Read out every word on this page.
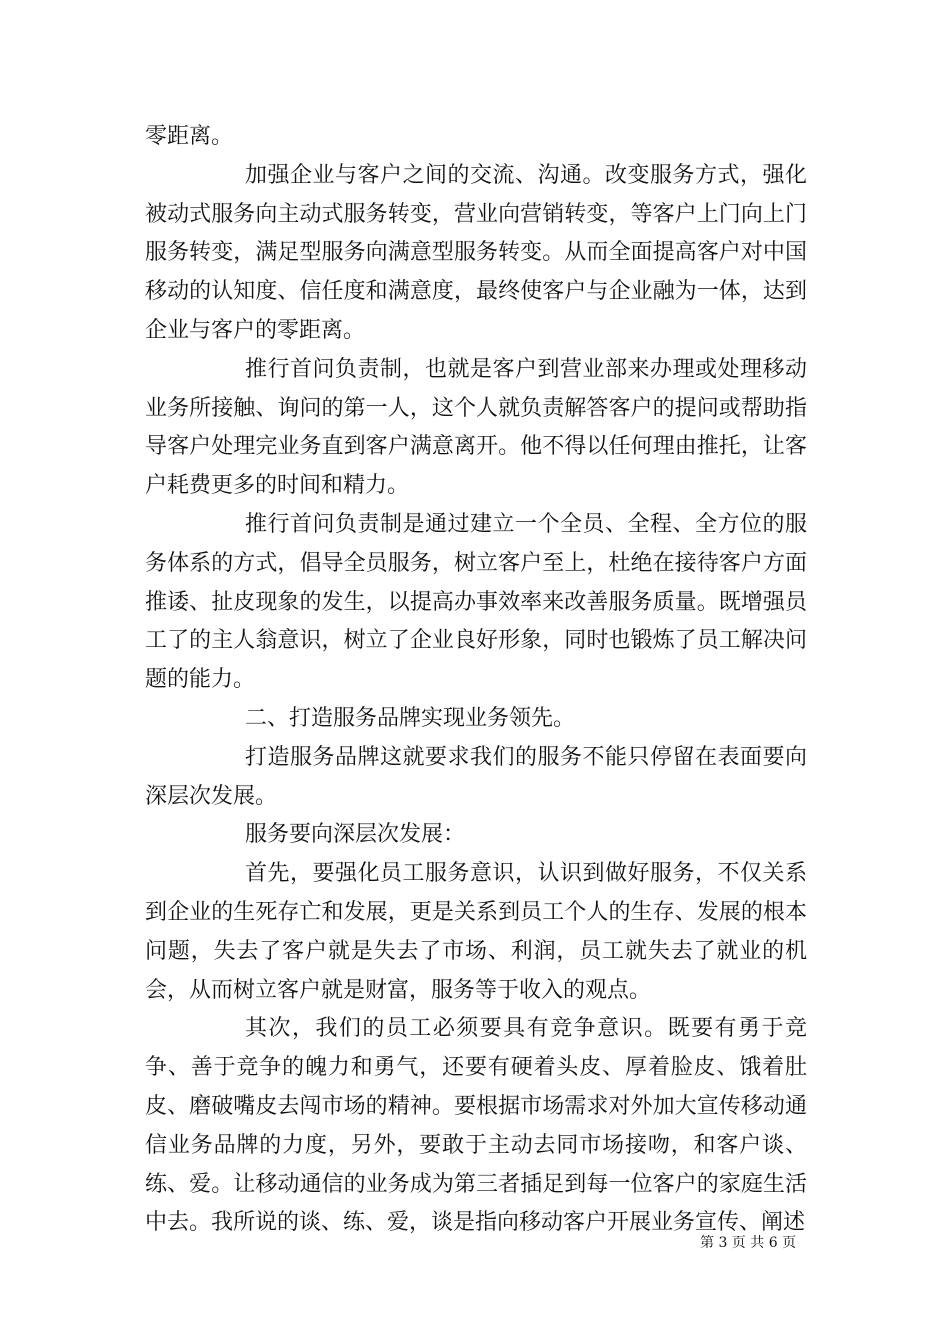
零距离。

加强企业与客户之间的交流、沟通。改变服务方式，强化被动式服务向主动式服务转变，营业向营销转变，等客户上门向上门服务转变，满足型服务向满意型服务转变。从而全面提高客户对中国移动的认知度、信任度和满意度，最终使客户与企业融为一体，达到企业与客户的零距离。

推行首问负责制，也就是客户到营业部来办理或处理移动业务所接触、询问的第一人，这个人就负责解答客户的提问或帮助指导客户处理完业务直到客户满意离开。他不得以任何理由推托，让客户耗费更多的时间和精力。

推行首问负责制是通过建立一个全员、全程、全方位的服务体系的方式，倡导全员服务，树立客户至上，杜绝在接待客户方面推诿、扯皮现象的发生，以提高办事效率来改善服务质量。既增强员工了的主人翁意识，树立了企业良好形象，同时也锻炼了员工解决问题的能力。

二、打造服务品牌实现业务领先。

打造服务品牌这就要求我们的服务不能只停留在表面要向深层次发展。

服务要向深层次发展：

首先，要强化员工服务意识，认识到做好服务，不仅关系到企业的生死存亡和发展，更是关系到员工个人的生存、发展的根本问题，失去了客户就是失去了市场、利润，员工就失去了就业的机会，从而树立客户就是财富，服务等于收入的观点。

其次，我们的员工必须要具有竞争意识。既要有勇于竞争、善于竞争的魄力和勇气，还要有硬着头皮、厚着脸皮、饿着肚皮、磨破嘴皮去闯市场的精神。要根据市场需求对外加大宣传移动通信业务品牌的力度，另外，要敢于主动去同市场接吻，和客户谈、练、爱。让移动通信的业务成为第三者插足到每一位客户的家庭生活中去。我所说的谈、练、爱，谈是指向移动客户开展业务宣传、阐述

第 3 页 共 6 页
